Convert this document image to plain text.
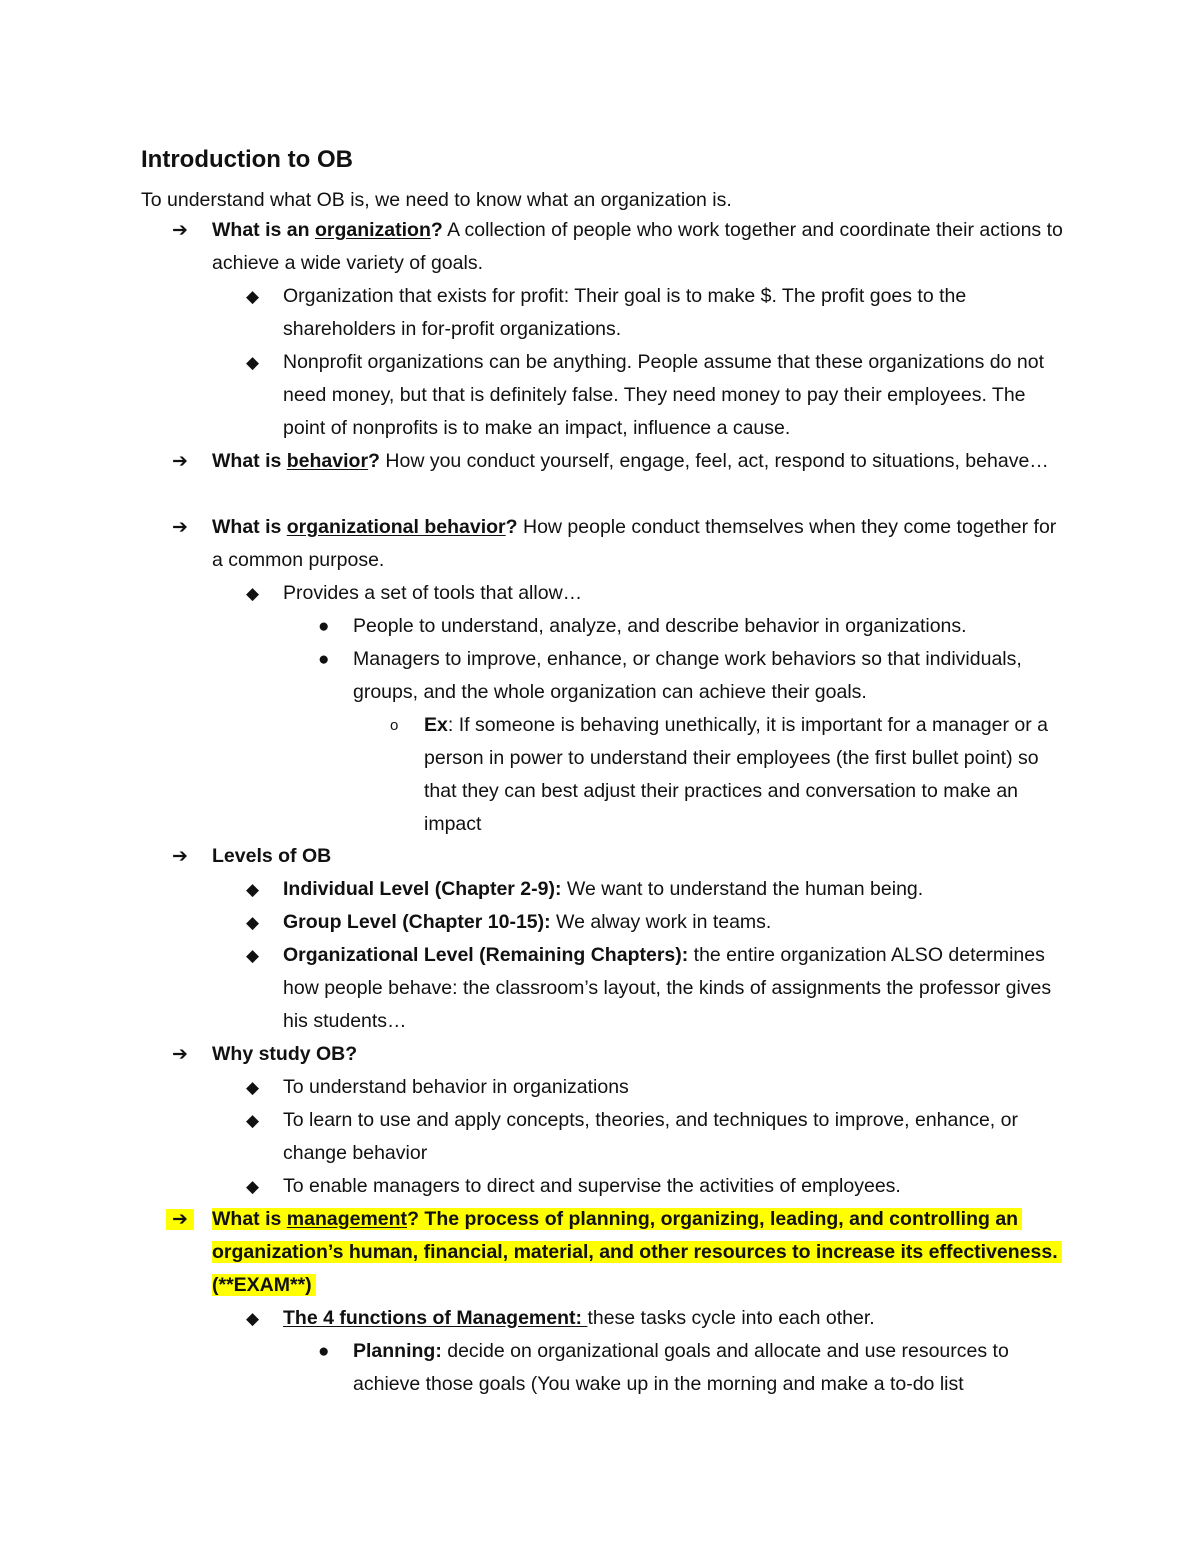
Introduction to OB
To understand what OB is, we need to know what an organization is.
➔ What is an organization? A collection of people who work together and coordinate their actions to achieve a wide variety of goals.
◆ Organization that exists for profit: Their goal is to make $. The profit goes to the shareholders in for-profit organizations.
◆ Nonprofit organizations can be anything. People assume that these organizations do not need money, but that is definitely false. They need money to pay their employees. The point of nonprofits is to make an impact, influence a cause.
➔ What is behavior? How you conduct yourself, engage, feel, act, respond to situations, behave…
➔ What is organizational behavior? How people conduct themselves when they come together for a common purpose.
◆ Provides a set of tools that allow…
● People to understand, analyze, and describe behavior in organizations.
● Managers to improve, enhance, or change work behaviors so that individuals, groups, and the whole organization can achieve their goals.
o Ex: If someone is behaving unethically, it is important for a manager or a person in power to understand their employees (the first bullet point) so that they can best adjust their practices and conversation to make an impact
➔ Levels of OB
◆ Individual Level (Chapter 2-9): We want to understand the human being.
◆ Group Level (Chapter 10-15): We alway work in teams.
◆ Organizational Level (Remaining Chapters): the entire organization ALSO determines how people behave: the classroom’s layout, the kinds of assignments the professor gives his students…
➔ Why study OB?
◆ To understand behavior in organizations
◆ To learn to use and apply concepts, theories, and techniques to improve, enhance, or change behavior
◆ To enable managers to direct and supervise the activities of employees.
➔	What is management? The process of planning, organizing, leading, and controlling an organization’s human, financial, material, and other resources to increase its effectiveness. (**EXAM**)
◆ The 4 functions of Management: these tasks cycle into each other.
● Planning: decide on organizational goals and allocate and use resources to achieve those goals (You wake up in the morning and make a to-do list
